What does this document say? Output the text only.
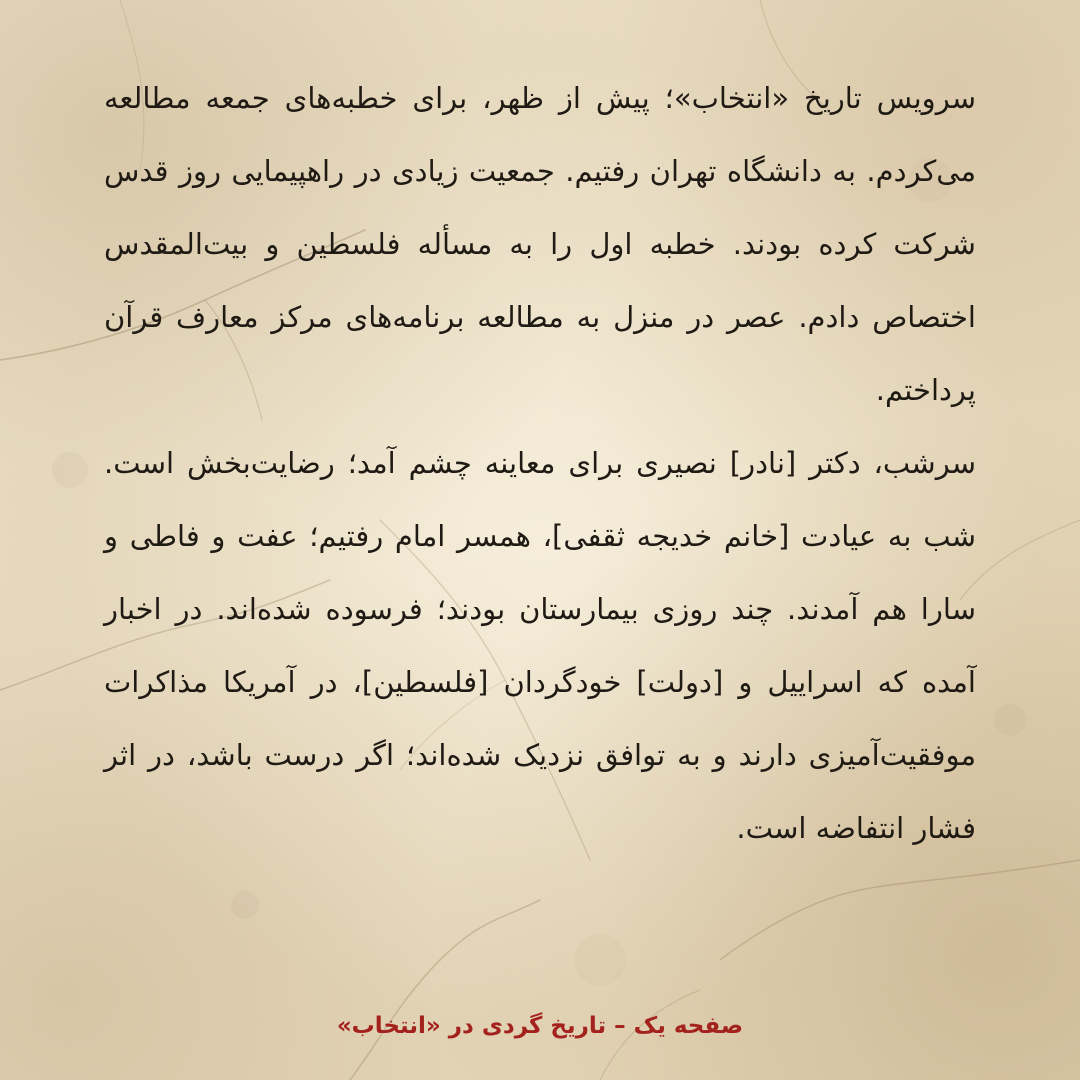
سرویس تاریخ «انتخاب»؛ پیش از ظهر، برای خطبه‌های جمعه مطالعه می‌کردم. به دانشگاه تهران رفتیم. جمعیت زیادی در راهپیمایی روز قدس شرکت کرده بودند. خطبه اول را به مسأله فلسطین و بیت‌المقدس اختصاص دادم. عصر در منزل به مطالعه برنامه‌های مرکز معارف قرآن پرداختم.

سرشب، دکتر [نادر] نصیری برای معاینه چشم آمد؛ رضایت‌بخش است. شب به عیادت [خانم خدیجه ثقفی]، همسر امام رفتیم؛ عفت و فاطی و سارا هم آمدند. چند روزی بیمارستان بودند؛ فرسوده شده‌اند. در اخبار آمده که اسراییل و [دولت] خودگردان [فلسطین]، در آمریکا مذاکرات موفقیت‌آمیزی دارند و به توافق نزدیک شده‌اند؛ اگر درست باشد، در اثر فشار انتفاضه است.

صفحه یک – تاریخ گردی در «انتخاب»
